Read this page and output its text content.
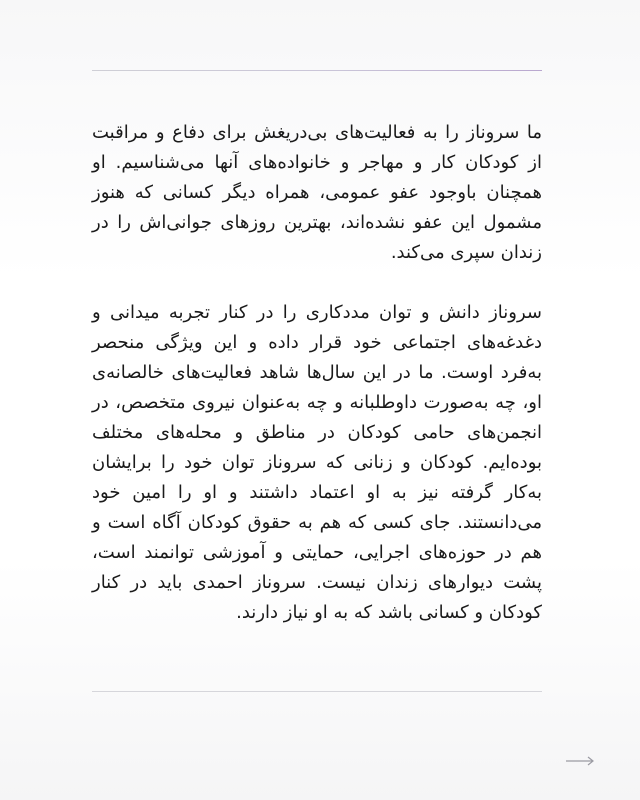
ما سروناز را به فعالیت‌های بی‌دریغش برای دفاع و مراقبت از کودکان کار و مهاجر و خانواده‌های آنها می‌شناسیم. او همچنان باوجود عفو عمومی، همراه دیگر کسانی که هنوز مشمول این عفو نشده‌اند، بهترین روزهای جوانی‌اش را در زندان سپری می‌کند.

سروناز دانش و توان مددکاری را در کنار تجربه میدانی و دغدغه‌های اجتماعی خود قرار داده و این ویژگی منحصر به‌فرد اوست. ما در این سال‌ها شاهد فعالیت‌های خالصانه‌ی او، چه به‌صورت داوطلبانه و چه به‌عنوان نیروی متخصص، در انجمن‌های حامی کودکان در مناطق و محله‌های مختلف بوده‌ایم. کودکان و زنانی که سروناز توان خود را برایشان به‌کار گرفته نیز به او اعتماد داشتند و او را امین خود می‌دانستند. جای کسی که هم به حقوق کودکان آگاه است و هم در حوزه‌های اجرایی، حمایتی و آموزشی توانمند است، پشت دیوارهای زندان نیست. سروناز احمدی باید در کنار کودکان و کسانی باشد که به او نیاز دارند.
